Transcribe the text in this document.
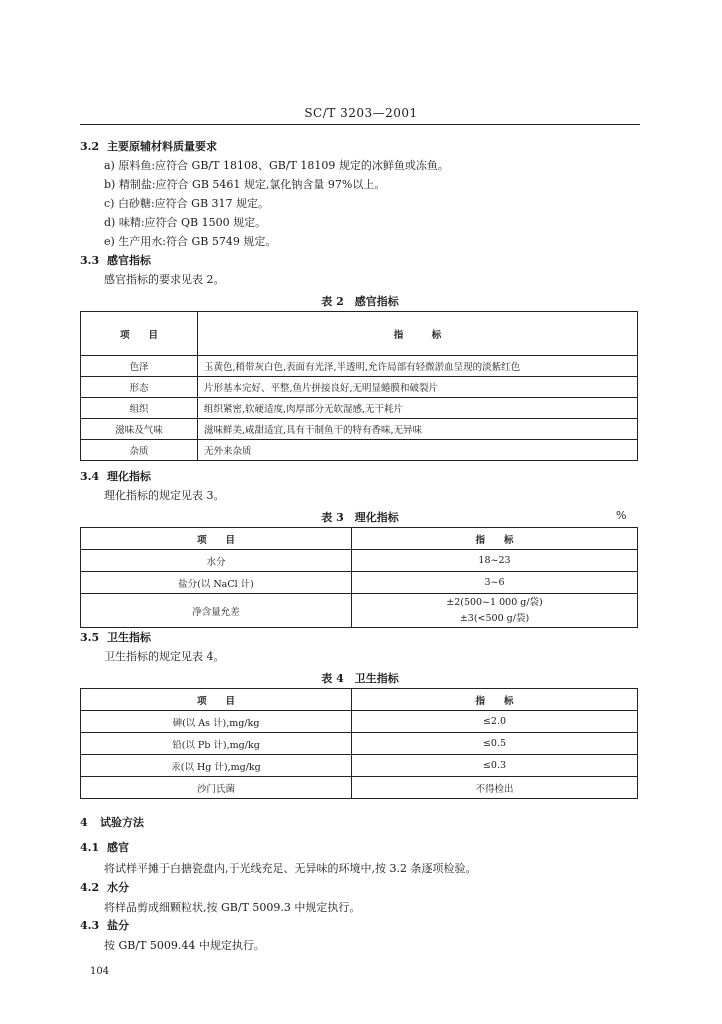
SC/T 3203—2001
3.2 主要原辅材料质量要求
a) 原料鱼:应符合 GB/T 18108、GB/T 18109 规定的冰鲜鱼或冻鱼。
b) 精制盐:应符合 GB 5461 规定,氯化钠含量 97%以上。
c) 白砂糖:应符合 GB 317 规定。
d) 味精:应符合 QB 1500 规定。
e) 生产用水:符合 GB 5749 规定。
3.3 感官指标
感官指标的要求见表 2。
表 2　感官指标
项　　目	指　　　标
色泽	玉黄色,稍带灰白色,表面有光泽,半透明,允许局部有轻微淤血呈现的淡紫红色
形态	片形基本完好、平整,鱼片拼接良好,无明显蜷膜和破裂片
组织	组织紧密,软硬适度,肉厚部分无软湿感,无干耗片
滋味及气味	滋味鲜美,咸甜适宜,具有干制鱼干的特有香味,无异味
杂质	无外来杂质
3.4 理化指标
理化指标的规定见表 3。
表 3　理化指标	%
项　　目	指　　标
水分	18~23
盐分(以 NaCl 计)	3~6
净含量允差	±2(500~1 000 g/袋)
±3(<500 g/袋)
3.5 卫生指标
卫生指标的规定见表 4。
表 4　卫生指标
项　　目	指　　标
砷(以 As 计),mg/kg	≤2.0
铅(以 Pb 计),mg/kg	≤0.5
汞(以 Hg 计),mg/kg	≤0.3
沙门氏菌	不得检出
4 试验方法
4.1 感官
将试样平摊于白搪瓷盘内,于光线充足、无异味的环境中,按 3.2 条逐项检验。
4.2 水分
将样品剪成细颗粒状,按 GB/T 5009.3 中规定执行。
4.3 盐分
按 GB/T 5009.44 中规定执行。
104
